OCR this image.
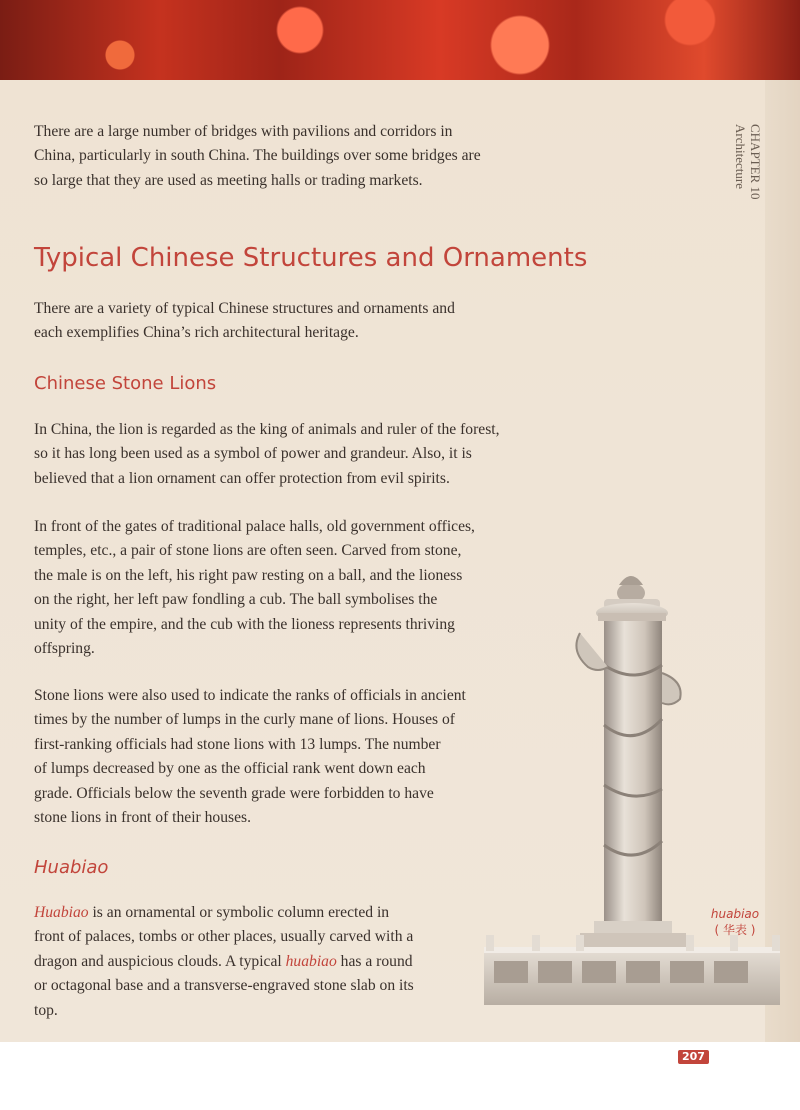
CHAPTER 10
Architecture
There are a large number of bridges with pavilions and corridors in
China, particularly in south China. The buildings over some bridges are
so large that they are used as meeting halls or trading markets.
Typical Chinese Structures and Ornaments
There are a variety of typical Chinese structures and ornaments and
each exemplifies China’s rich architectural heritage.
Chinese Stone Lions
In China, the lion is regarded as the king of animals and ruler of the forest,
so it has long been used as a symbol of power and grandeur. Also, it is
believed that a lion ornament can offer protection from evil spirits.
In front of the gates of traditional palace halls, old government offices,
temples, etc., a pair of stone lions are often seen. Carved from stone,
the male is on the left, his right paw resting on a ball, and the lioness
on the right, her left paw fondling a cub. The ball symbolises the
unity of the empire, and the cub with the lioness represents thriving
offspring.
Stone lions were also used to indicate the ranks of officials in ancient
times by the number of lumps in the curly mane of lions. Houses of
first-ranking officials had stone lions with 13 lumps. The number
of lumps decreased by one as the official rank went down each
grade. Officials below the seventh grade were forbidden to have
stone lions in front of their houses.
Huabiao
Huabiao is an ornamental or symbolic column erected in
front of palaces, tombs or other places, usually carved with a
dragon and auspicious clouds. A typical huabiao has a round
or octagonal base and a transverse-engraved stone slab on its
top.
huabiao
( 华表 )
207
